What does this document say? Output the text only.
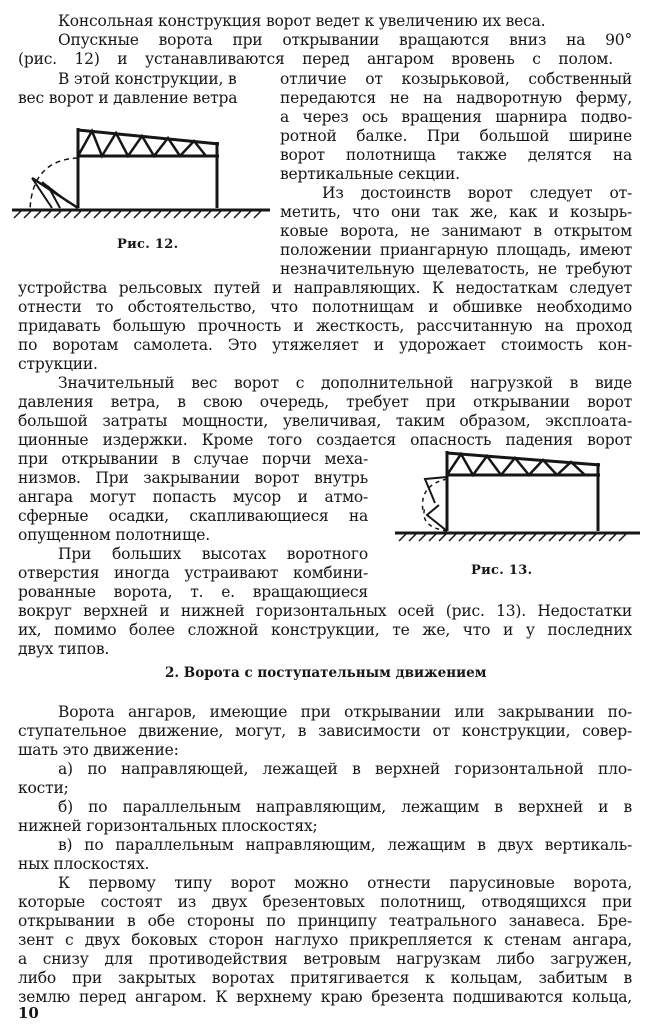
Консольная конструкция ворот ведет к увеличению их веса.
Опускные ворота при открывании вращаются вниз на 90°
(рис. 12) и устанавливаются перед ангаром вровень с полом.
В этой конструкции, в
вес ворот и давление ветра
отличие от козырьковой, собственный
передаются не на надворотную ферму,
а через ось вращения шарнира подво-
ротной балке. При большой ширине
ворот полотнища также делятся на
вертикальные секции.
Из достоинств ворот следует от-
метить, что они так же, как и козырь-
ковые ворота, не занимают в открытом
положении приангарную площадь, имеют
незначительную щелеватость, не требуют
Рис. 12.
устройства рельсовых путей и направляющих. К недостаткам следует
отнести то обстоятельство, что полотнищам и обшивке необходимо
придавать большую прочность и жесткость, рассчитанную на проход
по воротам самолета. Это утяжеляет и удорожает стоимость кон-
струкции.
Значительный вес ворот с дополнительной нагрузкой в виде
давления ветра, в свою очередь, требует при открывании ворот
большой затраты мощности, увеличивая, таким образом, эксплоата-
ционные издержки. Кроме того создается опасность падения ворот
при открывании в случае порчи меха-
низмов. При закрывании ворот внутрь
ангара могут попасть мусор и атмо-
сферные осадки, скапливающиеся на
опущенном полотнище.
При больших высотах воротного
отверстия иногда устраивают комбини-
рованные ворота, т. е. вращающиеся
Рис. 13.
вокруг верхней и нижней горизонтальных осей (рис. 13). Недостатки
их, помимо более сложной конструкции, те же, что и у последних
двух типов.
2. Ворота с поступательным движением
Ворота ангаров, имеющие при открывании или закрывании по-
ступательное движение, могут, в зависимости от конструкции, совер-
шать это движение:
а) по направляющей, лежащей в верхней горизонтальной пло-
кости;
б) по параллельным направляющим, лежащим в верхней и в
нижней горизонтальных плоскостях;
в) по параллельным направляющим, лежащим в двух вертикаль-
ных плоскостях.
К первому типу ворот можно отнести парусиновые ворота,
которые состоят из двух брезентовых полотнищ, отводящихся при
открывании в обе стороны по принципу театрального занавеса. Бре-
зент с двух боковых сторон наглухо прикрепляется к стенам ангара,
а снизу для противодействия ветровым нагрузкам либо загружен,
либо при закрытых воротах притягивается к кольцам, забитым в
землю перед ангаром. К верхнему краю брезента подшиваются кольца,
10
